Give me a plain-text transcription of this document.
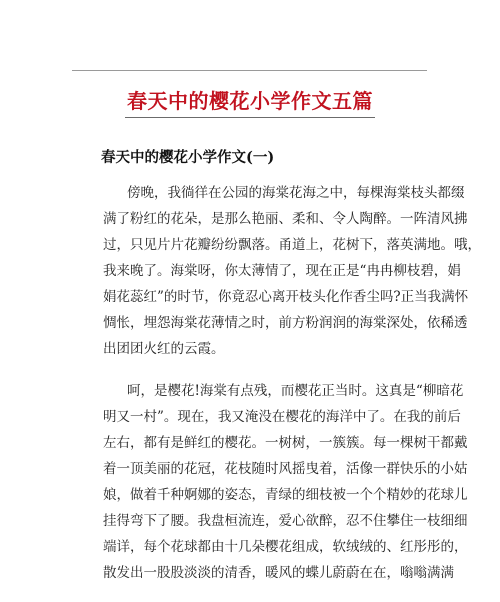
春天中的樱花小学作文五篇
春天中的樱花小学作文(一)
傍晚，我徜徉在公园的海棠花海之中，每棵海棠枝头都缀
满了粉红的花朵，是那么艳丽、柔和、令人陶醉。一阵清风拂
过，只见片片花瓣纷纷飘落。甬道上，花树下，落英满地。哦，
我来晚了。海棠呀，你太薄情了，现在正是“冉冉柳枝碧，娟
娟花蕊红”的时节，你竟忍心离开枝头化作香尘吗?正当我满怀
惆怅，埋怨海棠花薄情之时，前方粉润润的海棠深处，依稀透
出团团火红的云霞。
呵，是樱花!海棠有点残，而樱花正当时。这真是“柳暗花
明又一村”。现在，我又淹没在樱花的海洋中了。在我的前后
左右，都有是鲜红的樱花。一树树，一簇簇。每一棵树干都戴
着一顶美丽的花冠，花枝随时风摇曳着，活像一群快乐的小姑
娘，做着千种婀娜的姿态，青绿的细枝被一个个精妙的花球儿
挂得弯下了腰。我盘桓流连，爱心欲醉，忍不住攀住一枝细细
端详，每个花球都由十几朵樱花组成，软绒绒的、红彤彤的，
散发出一股股淡淡的清香，暖风的蝶儿蔚蔚在在，嗡嗡满满
